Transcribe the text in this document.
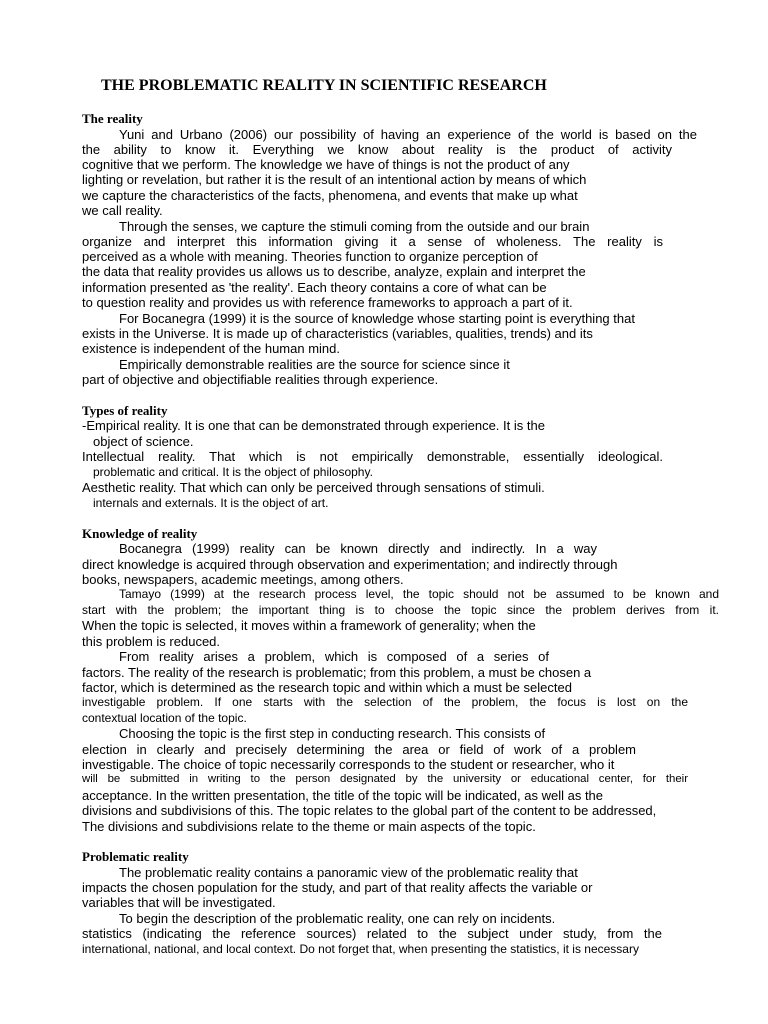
THE PROBLEMATIC REALITY IN SCIENTIFIC RESEARCH
The reality
Yuni and Urbano (2006) our possibility of having an experience of the world is based on the
the ability to know it. Everything we know about reality is the product of activity
cognitive that we perform. The knowledge we have of things is not the product of any
lighting or revelation, but rather it is the result of an intentional action by means of which
we capture the characteristics of the facts, phenomena, and events that make up what
we call reality.
Through the senses, we capture the stimuli coming from the outside and our brain
organize and interpret this information giving it a sense of wholeness. The reality is
perceived as a whole with meaning. Theories function to organize perception of
the data that reality provides us allows us to describe, analyze, explain and interpret the
information presented as 'the reality'. Each theory contains a core of what can be
to question reality and provides us with reference frameworks to approach a part of it.
For Bocanegra (1999) it is the source of knowledge whose starting point is everything that
exists in the Universe. It is made up of characteristics (variables, qualities, trends) and its
existence is independent of the human mind.
Empirically demonstrable realities are the source for science since it
part of objective and objectifiable realities through experience.
Types of reality
-Empirical reality. It is one that can be demonstrated through experience. It is the
object of science.
Intellectual reality. That which is not empirically demonstrable, essentially ideological.
problematic and critical. It is the object of philosophy.
Aesthetic reality. That which can only be perceived through sensations of stimuli.
internals and externals. It is the object of art.
Knowledge of reality
Bocanegra (1999) reality can be known directly and indirectly. In a way
direct knowledge is acquired through observation and experimentation; and indirectly through
books, newspapers, academic meetings, among others.
Tamayo (1999) at the research process level, the topic should not be assumed to be known and
start with the problem; the important thing is to choose the topic since the problem derives from it.
When the topic is selected, it moves within a framework of generality; when the
this problem is reduced.
From reality arises a problem, which is composed of a series of
factors. The reality of the research is problematic; from this problem, a must be chosen a
factor, which is determined as the research topic and within which a must be selected
investigable problem. If one starts with the selection of the problem, the focus is lost on the
contextual location of the topic.
Choosing the topic is the first step in conducting research. This consists of
election in clearly and precisely determining the area or field of work of a problem
investigable. The choice of topic necessarily corresponds to the student or researcher, who it
will be submitted in writing to the person designated by the university or educational center, for their
acceptance. In the written presentation, the title of the topic will be indicated, as well as the
divisions and subdivisions of this. The topic relates to the global part of the content to be addressed,
The divisions and subdivisions relate to the theme or main aspects of the topic.
Problematic reality
The problematic reality contains a panoramic view of the problematic reality that
impacts the chosen population for the study, and part of that reality affects the variable or
variables that will be investigated.
To begin the description of the problematic reality, one can rely on incidents.
statistics (indicating the reference sources) related to the subject under study, from the
international, national, and local context. Do not forget that, when presenting the statistics, it is necessary
